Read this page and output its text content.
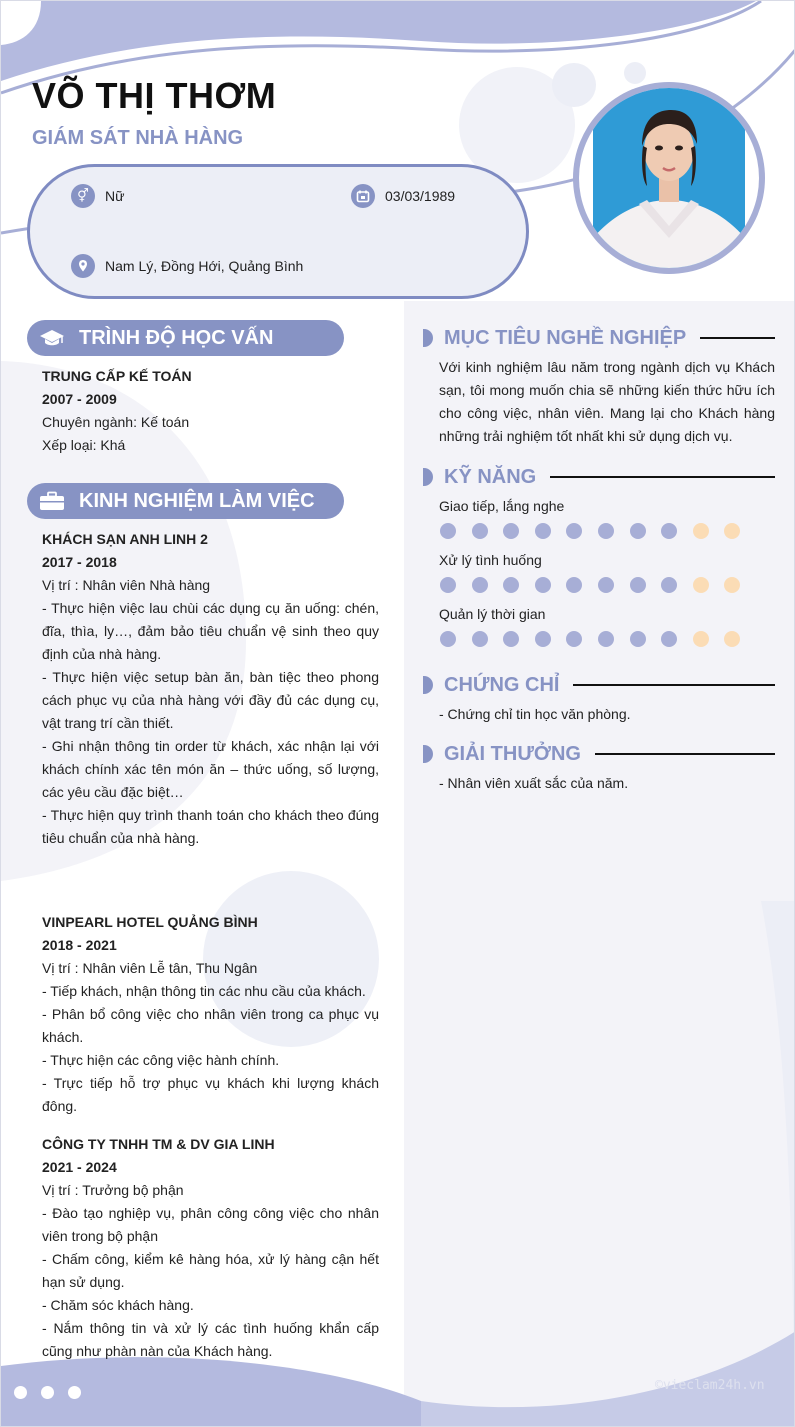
VÕ THỊ THƠM
GIÁM SÁT NHÀ HÀNG
⚥	Nữ	03/03/1989
Nam Lý, Đồng Hới, Quảng Bình
TRÌNH ĐỘ HỌC VẤN
TRUNG CẤP KẾ TOÁN
2007 - 2009
Chuyên ngành: Kế toán
Xếp loại: Khá
KINH NGHIỆM LÀM VIỆC
KHÁCH SẠN ANH LINH 2
2017 - 2018
Vị trí : Nhân viên Nhà hàng

- Thực hiện việc lau chùi các dụng cụ ăn uống: chén, đĩa, thìa, ly…, đảm bảo tiêu chuẩn vệ sinh theo quy định của nhà hàng.

- Thực hiện việc setup bàn ăn, bàn tiệc theo phong cách phục vụ của nhà hàng với đầy đủ các dụng cụ, vật trang trí cần thiết.

- Ghi nhận thông tin order từ khách, xác nhận lại với khách chính xác tên món ăn – thức uống, số lượng, các yêu cầu đặc biệt…

- Thực hiện quy trình thanh toán cho khách theo đúng tiêu chuẩn của nhà hàng.

VINPEARL HOTEL QUẢNG BÌNH
2018 - 2021
Vị trí : Nhân viên Lễ tân, Thu Ngân

- Tiếp khách, nhận thông tin các nhu cầu của khách.

- Phân bổ công việc cho nhân viên trong ca phục vụ khách.

- Thực hiện các công việc hành chính.

- Trực tiếp hỗ trợ phục vụ khách khi lượng khách đông.

CÔNG TY TNHH TM & DV GIA LINH
2021 - 2024
Vị trí : Trưởng bộ phận

- Đào tạo nghiệp vụ, phân công công việc cho nhân viên trong bộ phận

- Chấm công, kiểm kê hàng hóa, xử lý hàng cận hết hạn sử dụng.

- Chăm sóc khách hàng.

- Nắm thông tin và xử lý các tình huống khẩn cấp cũng như phàn nàn của Khách hàng.

MỤC TIÊU NGHỀ NGHIỆP
Với kinh nghiệm lâu năm trong ngành dịch vụ Khách sạn, tôi mong muốn chia sẽ những kiến thức hữu ích cho công việc, nhân viên. Mang lại cho Khách hàng những trải nghiệm tốt nhất khi sử dụng dịch vụ.
KỸ NĂNG
Giao tiếp, lắng nghe
Xử lý tình huống
Quản lý thời gian
CHỨNG CHỈ
- Chứng chỉ tin học văn phòng.
GIẢI THƯỞNG
- Nhân viên xuất sắc của năm.
©vieclam24h.vn
